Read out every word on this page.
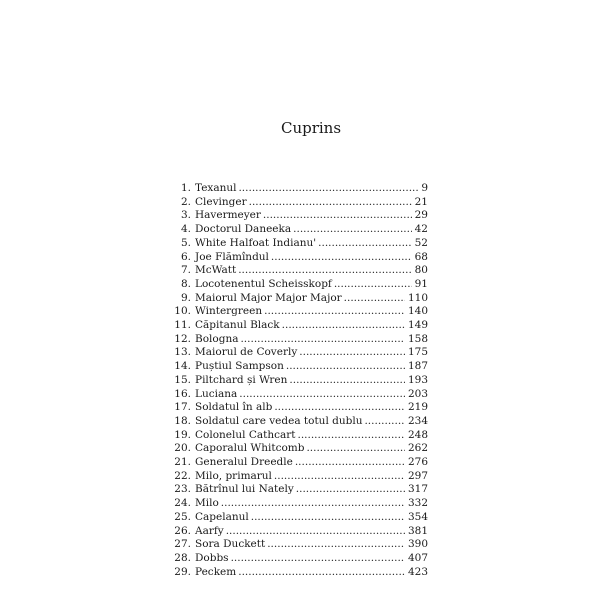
Cuprins
1. Texanul .....	9
2. Clevinger .....	21
3. Havermeyer .....	29
4. Doctorul Daneeka .....	42
5. White Halfoat Indianu' .....	52
6. Joe Flămîndul .....	68
7. McWatt .....	80
8. Locotenentul Scheisskopf .....	91
9. Maiorul Major Major Major .....	110
10. Wintergreen .....	140
11. Căpitanul Black .....	149
12. Bologna .....	158
13. Maiorul de Coverly .....	175
14. Puștiul Sampson .....	187
15. Piltchard și Wren .....	193
16. Luciana .....	203
17. Soldatul în alb .....	219
18. Soldatul care vedea totul dublu .....	234
19. Colonelul Cathcart .....	248
20. Caporalul Whitcomb .....	262
21. Generalul Dreedle .....	276
22. Milo, primarul .....	297
23. Bătrînul lui Nately .....	317
24. Milo .....	332
25. Capelanul .....	354
26. Aarfy .....	381
27. Sora Duckett .....	390
28. Dobbs .....	407
29. Peckem .....	423
